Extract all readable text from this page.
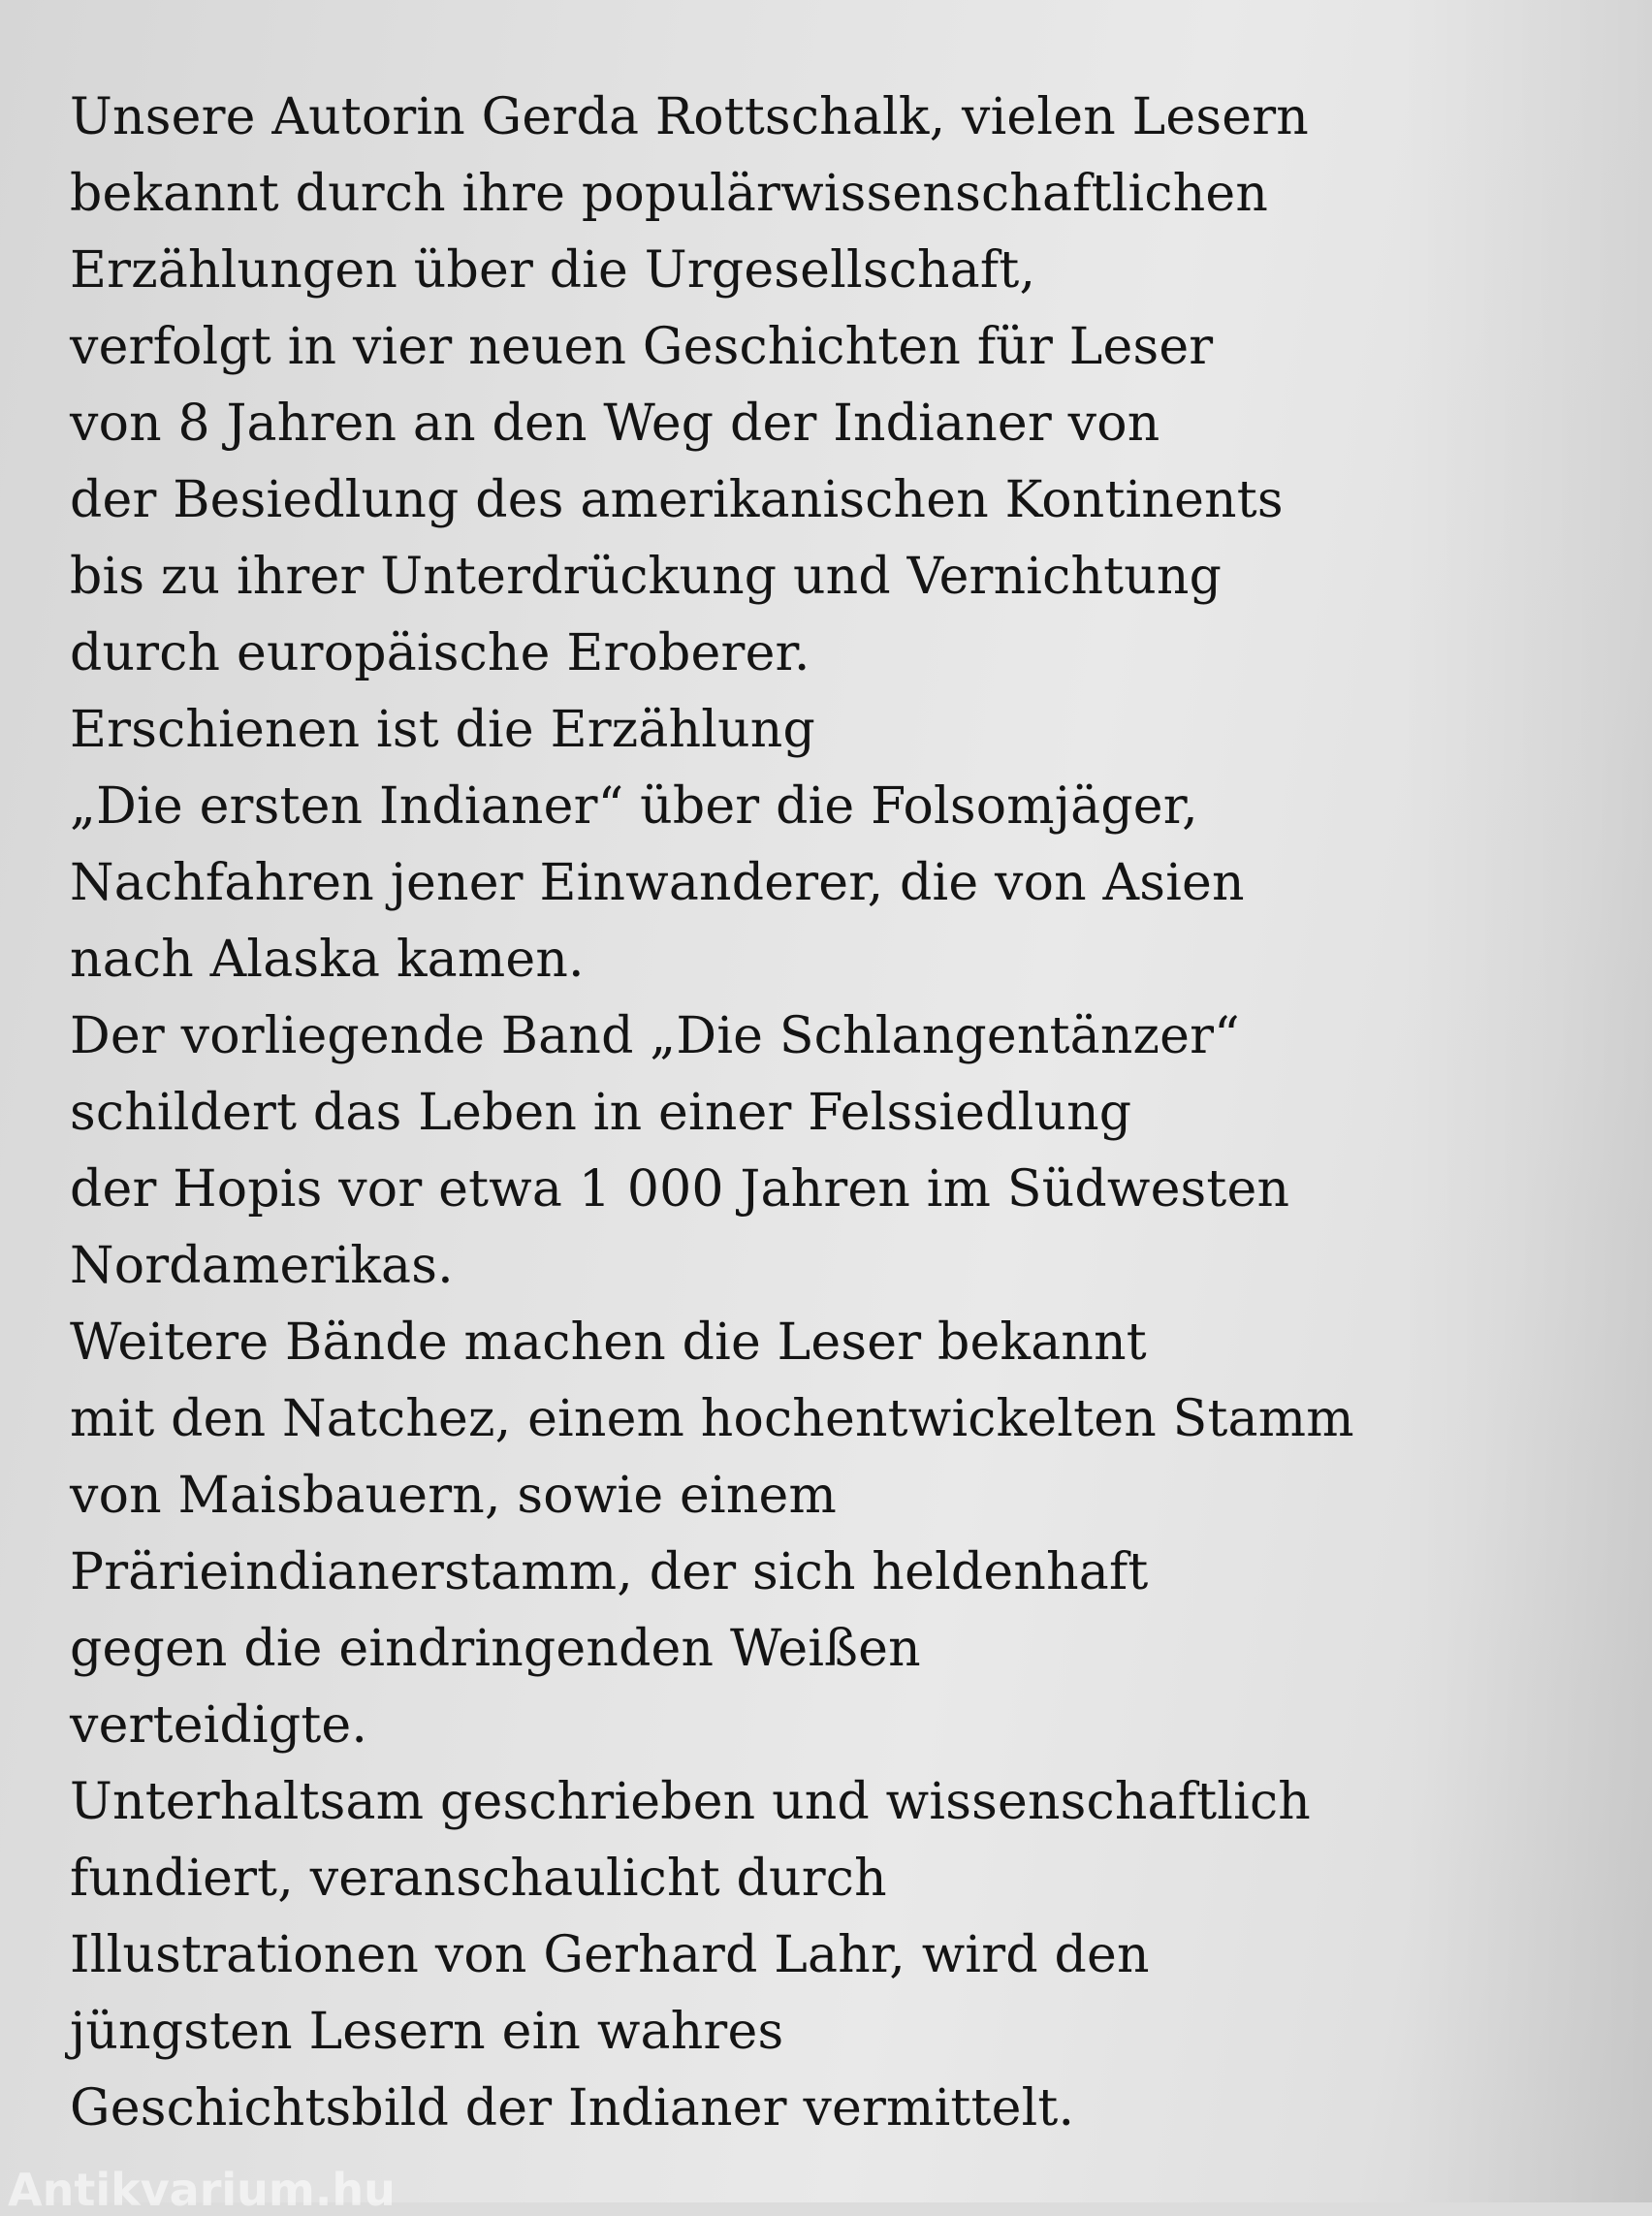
Unsere Autorin Gerda Rottschalk, vielen Lesern
bekannt durch ihre populärwissenschaftlichen
Erzählungen über die Urgesellschaft,
verfolgt in vier neuen Geschichten für Leser
von 8 Jahren an den Weg der Indianer von
der Besiedlung des amerikanischen Kontinents
bis zu ihrer Unterdrückung und Vernichtung
durch europäische Eroberer.
Erschienen ist die Erzählung
„Die ersten Indianer“ über die Folsomjäger,
Nachfahren jener Einwanderer, die von Asien
nach Alaska kamen.
Der vorliegende Band „Die Schlangentänzer“
schildert das Leben in einer Felssiedlung
der Hopis vor etwa 1 000 Jahren im Südwesten
Nordamerikas.
Weitere Bände machen die Leser bekannt
mit den Natchez, einem hochentwickelten Stamm
von Maisbauern, sowie einem
Prärieindianerstamm, der sich heldenhaft
gegen die eindringenden Weißen
verteidigte.
Unterhaltsam geschrieben und wissenschaftlich
fundiert, veranschaulicht durch
Illustrationen von Gerhard Lahr, wird den
jüngsten Lesern ein wahres
Geschichtsbild der Indianer vermittelt.
Antikvarium.hu
